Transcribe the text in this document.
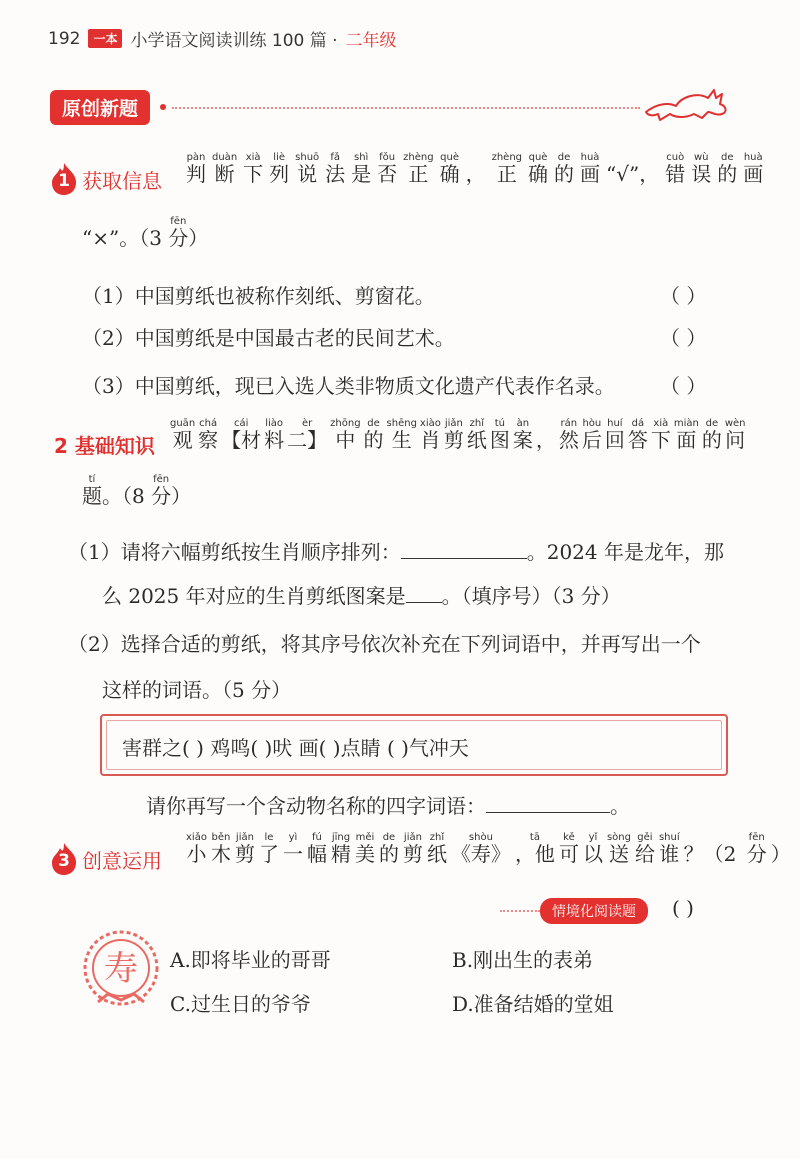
192	一本 小学语文阅读训练 100 篇 · 二年级
原创新题
1 获取信息 判pàn断duàn下xià列liè说shuō法fǎ是shì否fǒu正zhèng确què， 正zhèng确què的de画huà“√”， 错cuò误wù的de画huà
“×”。（3 分fēn）
（1）中国剪纸也被称作刻纸、剪窗花。	（ ）
（2）中国剪纸是中国最古老的民间艺术。	（ ）
（3）中国剪纸，现已入选人类非物质文化遗产代表作名录。 （ ）
2 基础知识 观guān察chá【材cái料liào二】èr中zhōng的de生shēng肖xiào剪jiǎn纸zhǐ图tú案àn， 然rán后hòu回huí答dá下xià面miàn的de问wèn
题tí。（8 分fēn）
（1）请将六幅剪纸按生肖顺序排列：	。2024 年是龙年，那
么 2025 年对应的生肖剪纸图案是 。（填序号）（3 分）
（2）选择合适的剪纸，将其序号依次补充在下列词语中，并再写出一个
这样的词语。（5 分）
害群之( ) 鸡鸣( )吠 画( )点睛 ( )气冲天
请你再写一个含动物名称的四字词语：	。
3 创意运用 小xiǎo木běn剪jiǎn了le一yì幅fú精jīng美měi的de剪jiǎn纸zhǐ《寿》shòu，他tā可kě以yǐ送sòng给gěi谁shuí？（2 分fēn）
情境化阅读题	( )
寿 A.即将毕业的哥哥	B.刚出生的表弟
C.过生日的爷爷	D.准备结婚的堂姐
